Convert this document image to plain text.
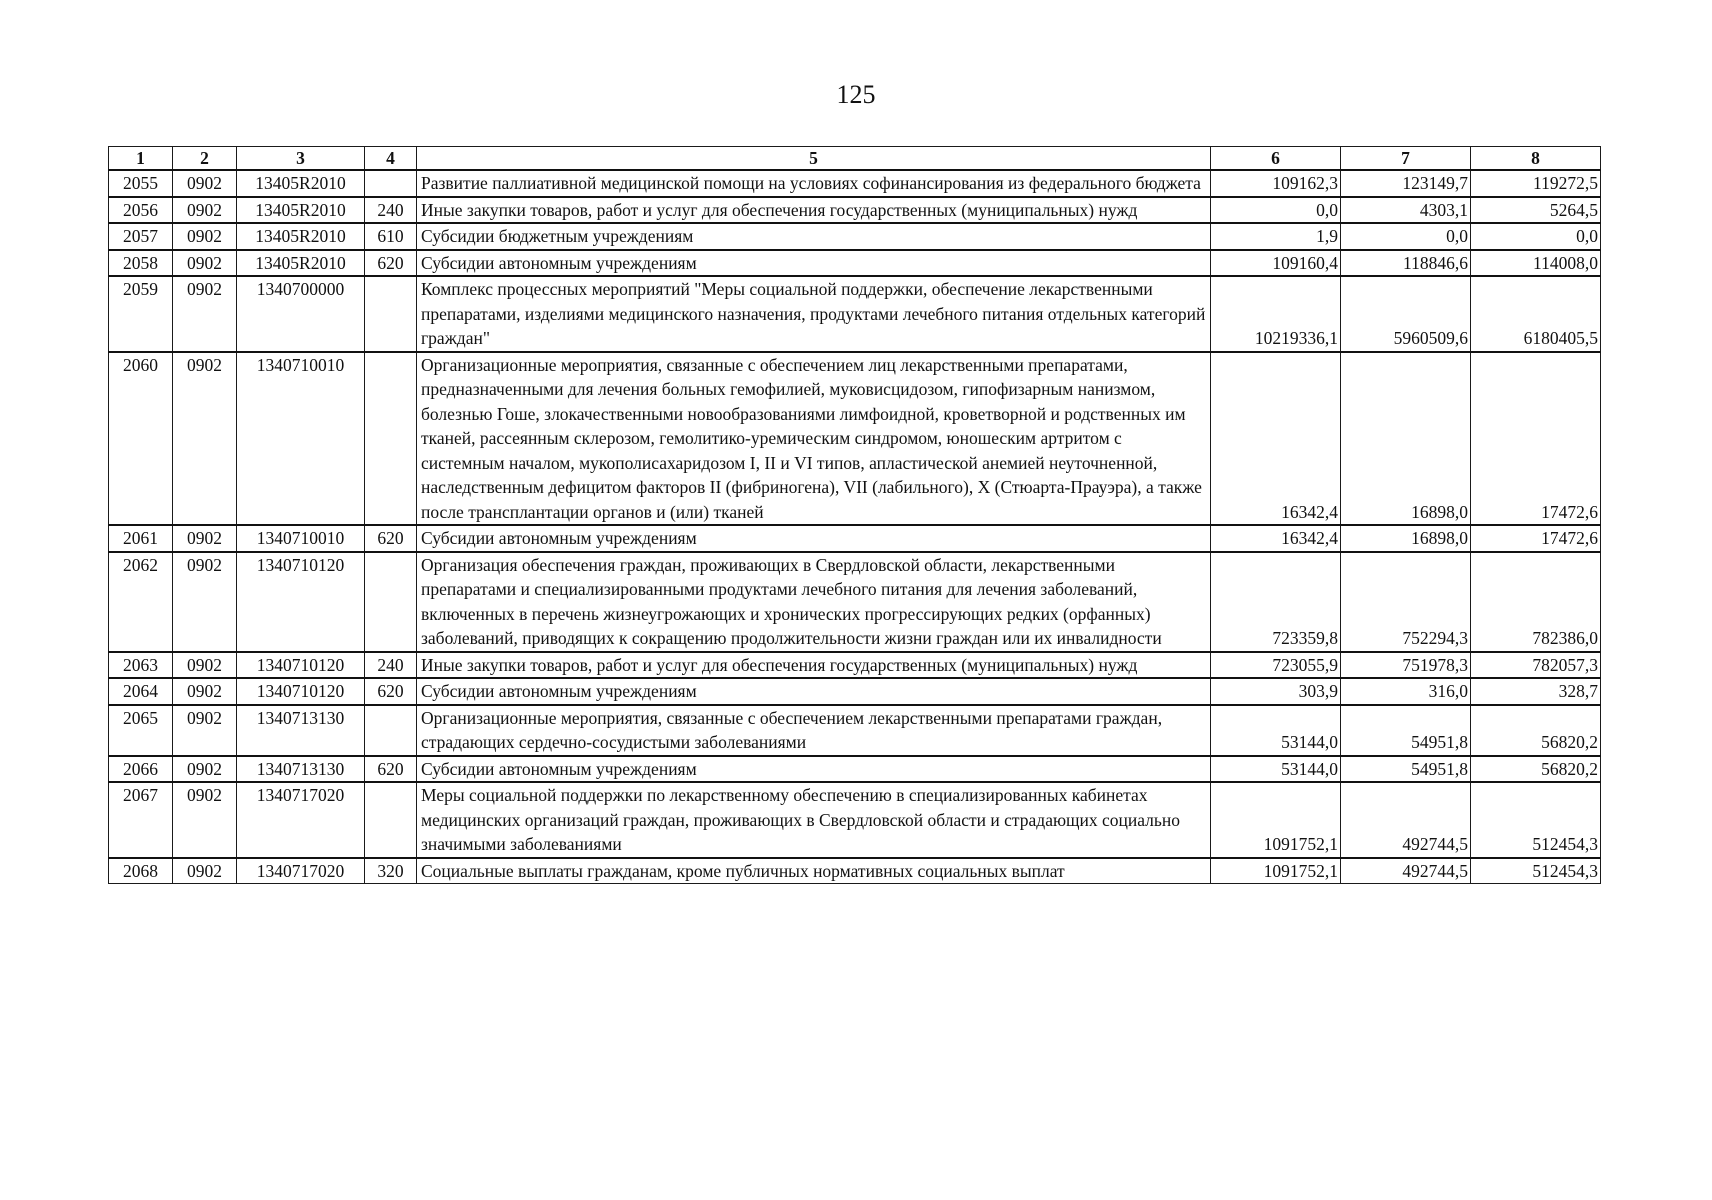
125
1	2	3	4	5	6	7	8
2055	0902	13405R2010		Развитие паллиативной медицинской помощи на условиях софинансирования из федерального бюджета	109162,3	123149,7	119272,5
2056	0902	13405R2010	240	Иные закупки товаров, работ и услуг для обеспечения государственных (муниципальных) нужд	0,0	4303,1	5264,5
2057	0902	13405R2010	610	Субсидии бюджетным учреждениям	1,9	0,0	0,0
2058	0902	13405R2010	620	Субсидии автономным учреждениям	109160,4	118846,6	114008,0
2059	0902	1340700000		Комплекс процессных мероприятий "Меры социальной поддержки, обеспечение лекарственными препаратами, изделиями медицинского назначения, продуктами лечебного питания отдельных категорий граждан"	10219336,1	5960509,6	6180405,5
2060	0902	1340710010		Организационные мероприятия, связанные с обеспечением лиц лекарственными препаратами, предназначенными для лечения больных гемофилией, муковисцидозом, гипофизарным нанизмом, болезнью Гоше, злокачественными новообразованиями лимфоидной, кроветворной и родственных им тканей, рассеянным склерозом, гемолитико-уремическим синдромом, юношеским артритом с системным началом, мукополисахаридозом I, II и VI типов, апластической анемией неуточненной, наследственным дефицитом факторов II (фибриногена), VII (лабильного), X (Стюарта-Прауэра), а также после трансплантации органов и (или) тканей	16342,4	16898,0	17472,6
2061	0902	1340710010	620	Субсидии автономным учреждениям	16342,4	16898,0	17472,6
2062	0902	1340710120		Организация обеспечения граждан, проживающих в Свердловской области, лекарственными препаратами и специализированными продуктами лечебного питания для лечения заболеваний, включенных в перечень жизнеугрожающих и хронических прогрессирующих редких (орфанных) заболеваний, приводящих к сокращению продолжительности жизни граждан или их инвалидности	723359,8	752294,3	782386,0
2063	0902	1340710120	240	Иные закупки товаров, работ и услуг для обеспечения государственных (муниципальных) нужд	723055,9	751978,3	782057,3
2064	0902	1340710120	620	Субсидии автономным учреждениям	303,9	316,0	328,7
2065	0902	1340713130		Организационные мероприятия, связанные с обеспечением лекарственными препаратами граждан, страдающих сердечно-сосудистыми заболеваниями	53144,0	54951,8	56820,2
2066	0902	1340713130	620	Субсидии автономным учреждениям	53144,0	54951,8	56820,2
2067	0902	1340717020		Меры социальной поддержки по лекарственному обеспечению в специализированных кабинетах медицинских организаций граждан, проживающих в Свердловской области и страдающих социально значимыми заболеваниями	1091752,1	492744,5	512454,3
2068	0902	1340717020	320	Социальные выплаты гражданам, кроме публичных нормативных социальных выплат	1091752,1	492744,5	512454,3
